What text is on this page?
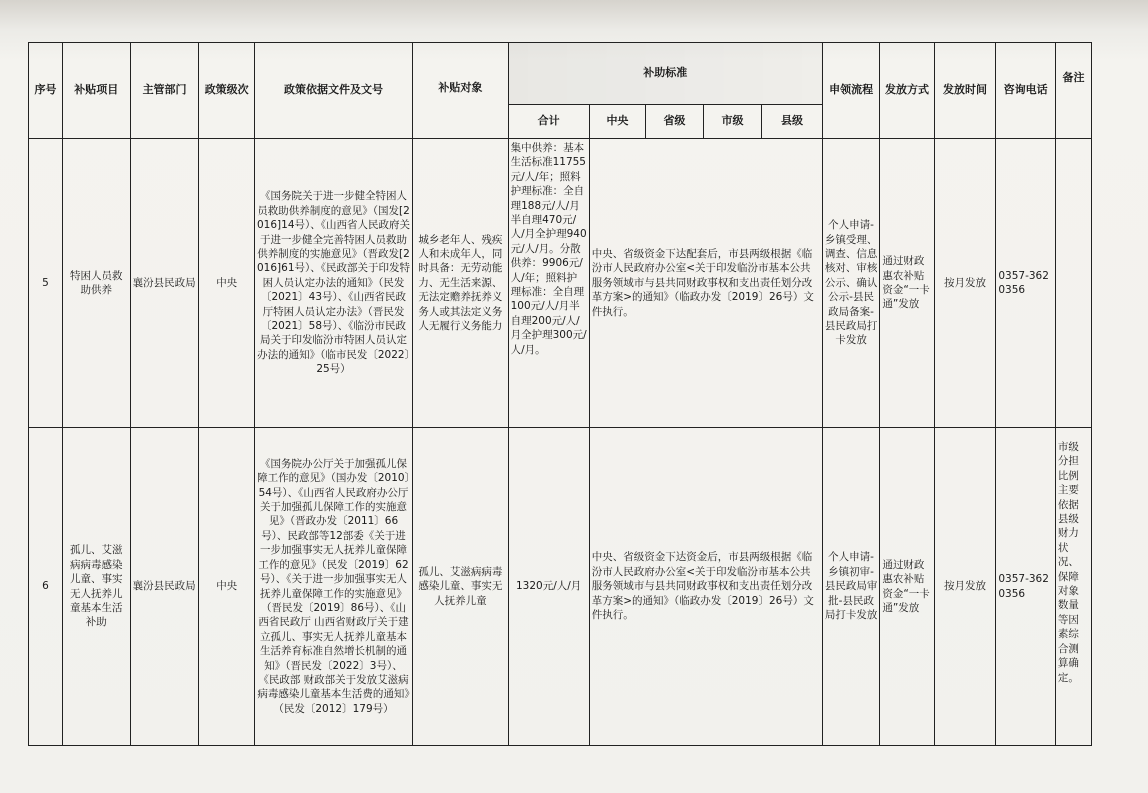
序号	补贴项目	主管部门	政策级次	政策依据文件及文号	补贴对象	补助标准					申领流程	发放方式	发放时间	咨询电话	备注
						合计	中央	省级	市级	县级					
5	特困人员救助供养	襄汾县民政局	中央	《国务院关于进一步健全特困人员救助供养制度的意见》（国发[2016]14号）、《山西省人民政府关于进一步健全完善特困人员救助供养制度的实施意见》（晋政发[2016]61号）、《民政部关于印发特困人员认定办法的通知》（民发〔2021〕43号）、《山西省民政厅特困人员认定办法》（晋民发〔2021〕58号）、《临汾市民政局关于印发临汾市特困人员认定办法的通知》（临市民发〔2022〕25号）	城乡老年人、残疾人和未成年人，同时具备：无劳动能力、无生活来源、无法定赡养抚养义务人或其法定义务人无履行义务能力	集中供养：基本生活标准11755元/人/年；照料护理标准：全自理188元/人/月半自理470元/人/月全护理940元/人/月。分散供养：9906元/人/年；照料护理标准：全自理100元/人/月半自理200元/人/月全护理300元/人/月。	中央、省级资金下达配套后，市县两级根据《临汾市人民政府办公室<关于印发临汾市基本公共服务领域市与县共同财政事权和支出责任划分改革方案>的通知》（临政办发〔2019〕26号）文件执行。				个人申请-乡镇受理、调查、信息核对、审核公示、确认公示-县民政局备案-县民政局打卡发放	通过财政惠农补贴资金“一卡通”发放	按月发放	0357-3620356	
6	孤儿、艾滋病病毒感染儿童、事实无人抚养儿童基本生活补助	襄汾县民政局	中央	《国务院办公厅关于加强孤儿保障工作的意见》（国办发〔2010〕54号）、《山西省人民政府办公厅关于加强孤儿保障工作的实施意见》（晋政办发〔2011〕66号）、民政部等12部委《关于进一步加强事实无人抚养儿童保障工作的意见》（民发〔2019〕62号）、《关于进一步加强事实无人抚养儿童保障工作的实施意见》（晋民发〔2019〕86号）、《山西省民政厅 山西省财政厅关于建立孤儿、事实无人抚养儿童基本生活养育标准自然增长机制的通知》（晋民发〔2022〕3号）、《民政部 财政部关于发放艾滋病病毒感染儿童基本生活费的通知》（民发〔2012〕179号）	孤儿、艾滋病病毒感染儿童、事实无人抚养儿童	1320元/人/月	中央、省级资金下达资金后，市县两级根据《临汾市人民政府办公室<关于印发临汾市基本公共服务领域市与县共同财政事权和支出责任划分改革方案>的通知》（临政办发〔2019〕26号）文件执行。				个人申请-乡镇初审-县民政局审批-县民政局打卡发放	通过财政惠农补贴资金“一卡通”发放	按月发放	0357-3620356	市级分担比例主要依据县级财力状况、保障对象数量等因素综合测算确定。
